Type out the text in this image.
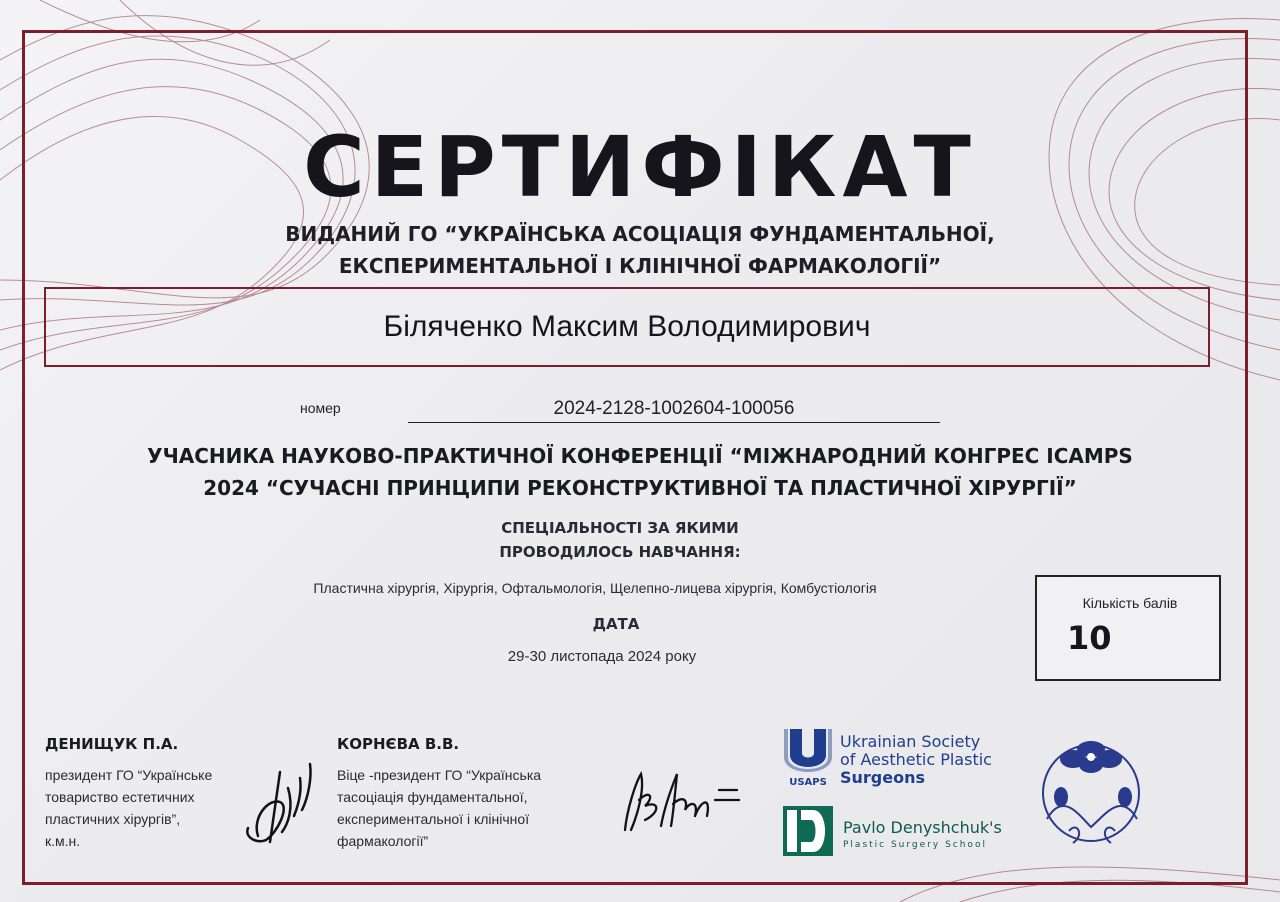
СЕРТИФІКАТ
ВИДАНИЙ ГО “УКРАЇНСЬКА АСОЦІАЦІЯ ФУНДАМЕНТАЛЬНОЇ,
ЕКСПЕРИМЕНТАЛЬНОЇ І КЛІНІЧНОЇ ФАРМАКОЛОГІЇ”
Біляченко Максим Володимирович
номер	2024-2128-1002604-100056
УЧАСНИКА НАУКОВО-ПРАКТИЧНОЇ КОНФЕРЕНЦІЇ “МІЖНАРОДНИЙ КОНГРЕС ICAMPS
2024 “СУЧАСНІ ПРИНЦИПИ РЕКОНСТРУКТИВНОЇ ТА ПЛАСТИЧНОЇ ХІРУРГІЇ”
СПЕЦІАЛЬНОСТІ ЗА ЯКИМИ
ПРОВОДИЛОСЬ НАВЧАННЯ:
Пластична хірургія, Хірургія, Офтальмологія, Щелепно-лицева хірургія, Комбустіологія
ДАТА
29-30 листопада 2024 року
Кількість балів
10
ДЕНИЩУК П.А.
президент ГО “Українське
товариство естетичних
пластичних хірургів”,
к.м.н.
КОРНЄВА В.В.
Віце -президент ГО “Українська
тасоціація фундаментальної,
експериментальної і клінічної
фармакології”
USAPS
Ukrainian Society
of Aesthetic Plastic
Surgeons
Pavlo Denyshchuk's
Plastic Surgery School
